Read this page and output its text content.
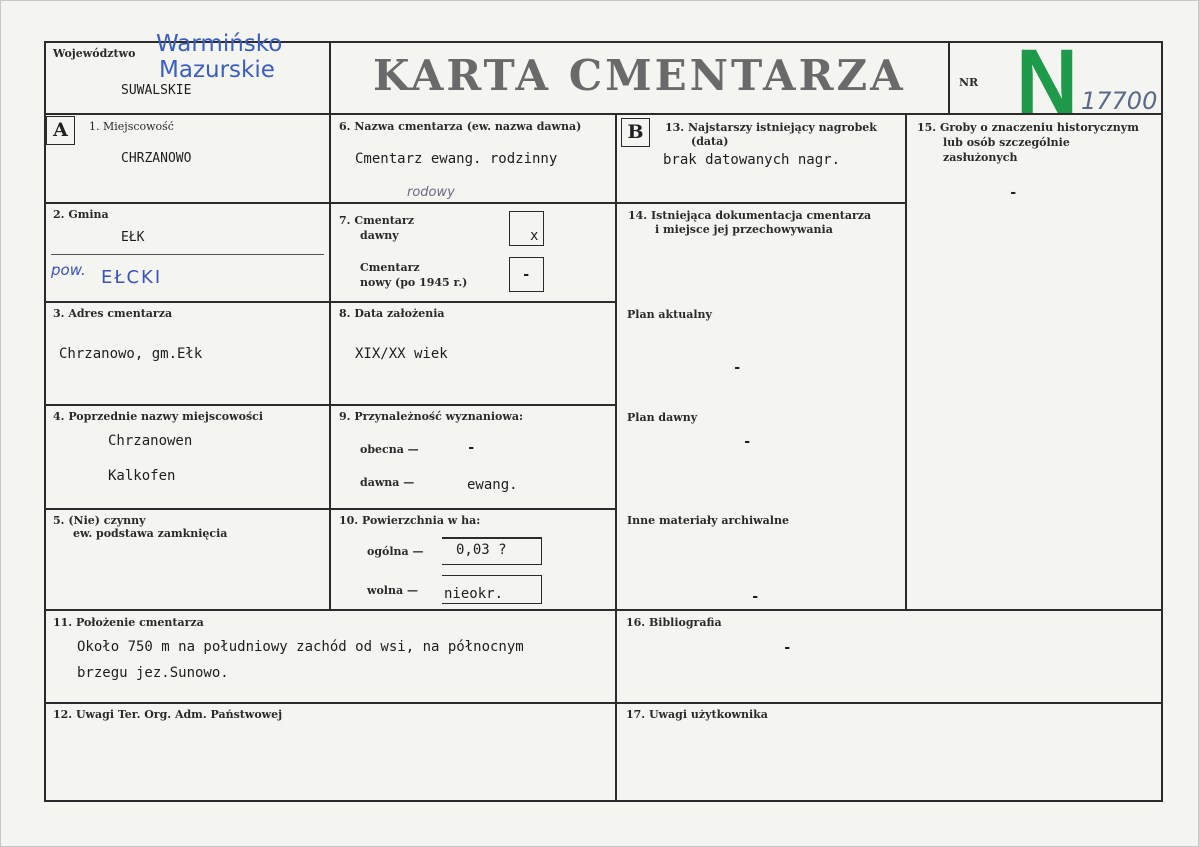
Województwo Warmińsko
Mazurskie
SUWALSKIE	KARTA CMENTARZA	NR N 17700
A	B
1. Miejscowość
CHRZANOWO
2. Gmina
EŁK
pow. EŁCKI
3. Adres cmentarza
Chrzanowo, gm.Ełk
4. Poprzednie nazwy miejscowości
Chrzanowen
Kalkofen
5. (Nie) czynny
ew. podstawa zamknięcia
6. Nazwa cmentarza (ew. nazwa dawna)
Cmentarz ewang. rodzinny
rodowy
7. Cmentarz
dawny	x
Cmentarz
nowy (po 1945 r.)	-
8. Data założenia
XIX/XX wiek
9. Przynależność wyznaniowa:
obecna —	-
dawna —	ewang.
10. Powierzchnia w ha:
ogólna — 0,03 ?
wolna — nieokr.
11. Położenie cmentarza
Około 750 m na południowy zachód od wsi, na północnym
brzegu jez.Sunowo.
12. Uwagi Ter. Org. Adm. Państwowej
13. Najstarszy istniejący nagrobek
(data)
brak datowanych nagr.
14. Istniejąca dokumentacja cmentarza
i miejsce jej przechowywania
Plan aktualny
-
Plan dawny
-
Inne materiały archiwalne
-
15. Groby o znaczeniu historycznym
lub osób szczególnie
zasłużonych
-
16. Bibliografia
-
17. Uwagi użytkownika
